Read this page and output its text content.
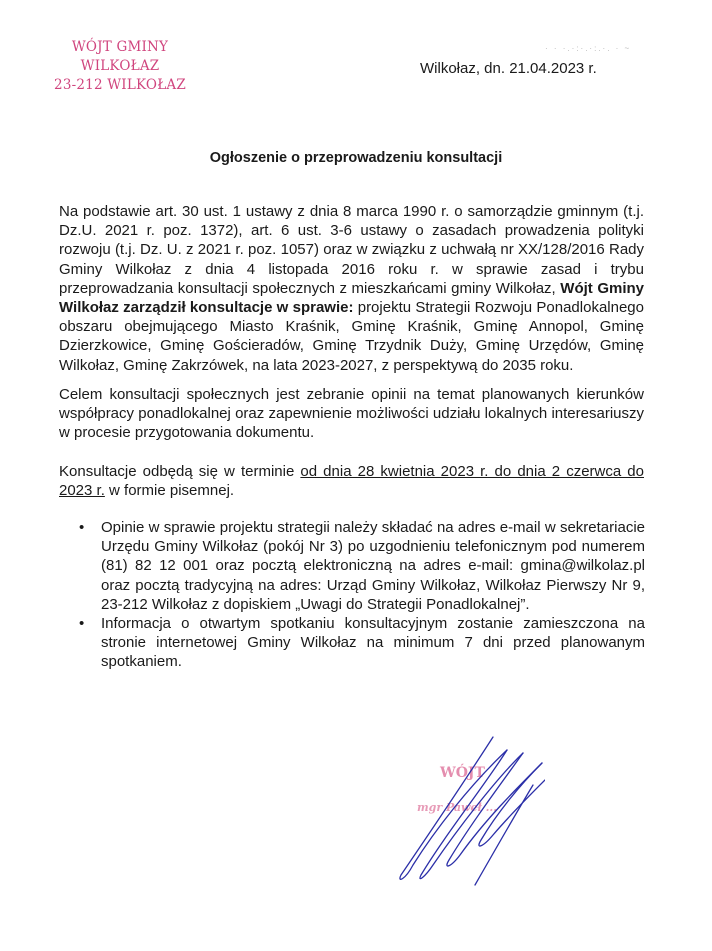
WÓJT GMINY WILKOŁAZ
23-212 WILKOŁAZ
· · ·.·:·.·:.·. · ~
Wilkołaz, dn. 21.04.2023 r.
Ogłoszenie o przeprowadzeniu konsultacji

Na podstawie art. 30 ust. 1 ustawy z dnia 8 marca 1990 r. o samorządzie gminnym (t.j. Dz.U. 2021 r. poz. 1372), art. 6 ust. 3-6 ustawy o zasadach prowadzenia polityki rozwoju (t.j. Dz. U. z 2021 r. poz. 1057) oraz w związku z uchwałą nr XX/128/2016 Rady Gminy Wilkołaz z dnia 4 listopada 2016 roku r. w sprawie zasad i trybu przeprowadzania konsultacji społecznych z mieszkańcami gminy Wilkołaz, Wójt Gminy Wilkołaz zarządził konsultacje w sprawie: projektu Strategii Rozwoju Ponadlokalnego obszaru obejmującego Miasto Kraśnik, Gminę Kraśnik, Gminę Annopol, Gminę Dzierzkowice, Gminę Gościeradów, Gminę Trzydnik Duży, Gminę Urzędów, Gminę Wilkołaz, Gminę Zakrzówek, na lata 2023-2027, z perspektywą do 2035 roku.

Celem konsultacji społecznych jest zebranie opinii na temat planowanych kierunków współpracy ponadlokalnej oraz zapewnienie możliwości udziału lokalnych interesariuszy w procesie przygotowania dokumentu.

Konsultacje odbędą się w terminie od dnia 28 kwietnia 2023 r. do dnia 2 czerwca do 2023 r. w formie pisemnej.

• Opinie w sprawie projektu strategii należy składać na adres e-mail w sekretariacie Urzędu Gminy Wilkołaz (pokój Nr 3) po uzgodnieniu telefonicznym pod numerem (81) 82 12 001 oraz pocztą elektroniczną na adres e-mail: gmina@wilkolaz.pl oraz pocztą tradycyjną na adres: Urząd Gminy Wilkołaz, Wilkołaz Pierwszy Nr 9, 23-212 Wilkołaz z dopiskiem „Uwagi do Strategii Ponadlokalnej”.
• Informacja o otwartym spotkaniu konsultacyjnym zostanie zamieszczona na stronie internetowej Gminy Wilkołaz na minimum 7 dni przed planowanym spotkaniem.
WÓJT
mgr Paweł ...
